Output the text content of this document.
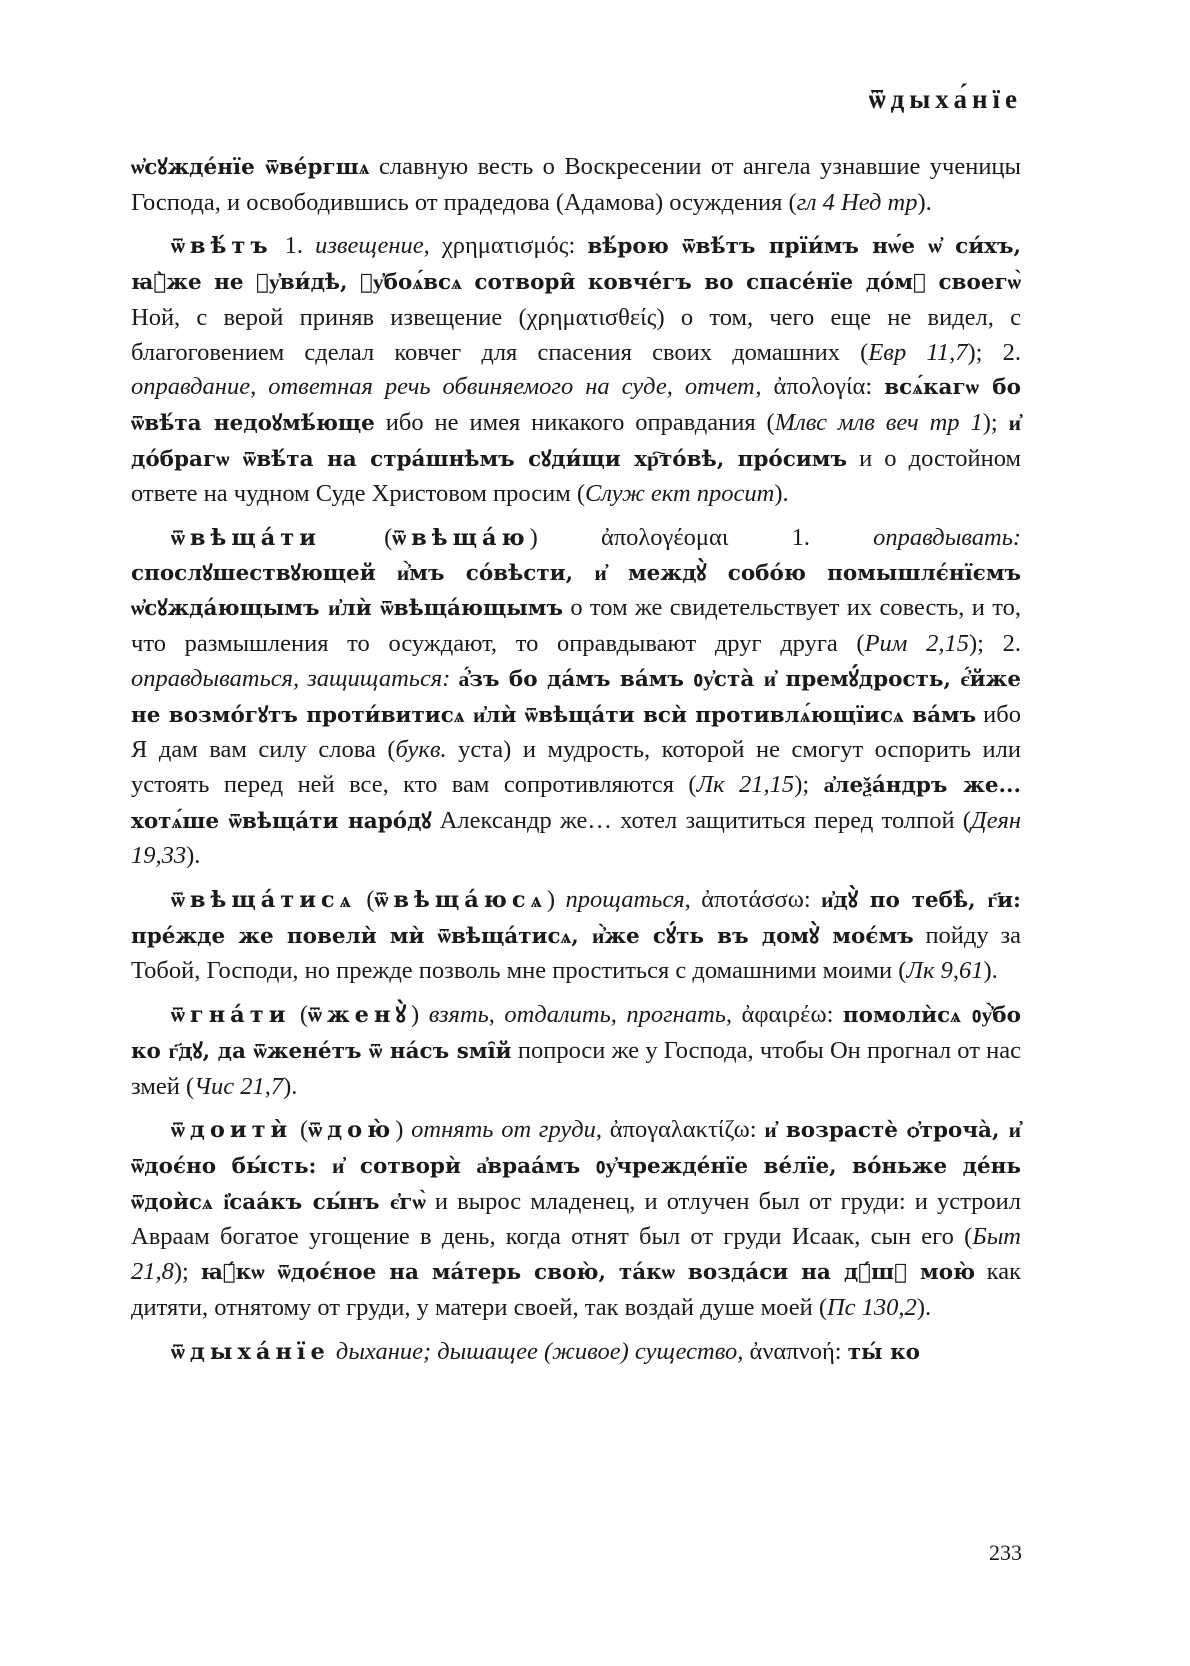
ѿдыха́нїе

ѡ҆сꙋжде́нїе ѿве́ргшѧ славную весть о Воскресении от ангела узнавшие ученицы Господа, и освободившись от прадедова (Адамова) осуждения (гл 4 Нед тр).

ѿвѣ́тъ 1. извещение, χρηματισμός: вѣ́рою ѿвѣ́тъ прїи́мъ нѡ́е ѡ҆ си́хъ, ꙗ҆̀же не ᲂу҆ви́дѣ, ᲂу҆боѧ́всѧ сотвори̑ ковче́гъ во спасе́нїе до́мꙋ своегѡ̀ Ной, с верой приняв извещение (χρηματισθείς) о том, чего еще не видел, с благоговением сделал ковчег для спасения своих домашних (Евр 11,7); 2. оправдание, ответная речь обвиняемого на суде, отчет, ἀπολογία: всѧ́кагѡ бо ѿвѣ́та недоꙋмѣ́юще ибо не имея никакого оправдания (Млвс млв веч тр 1); и҆ до́брагѡ ѿвѣ́та на стра́шнѣмъ сꙋди́щи хр҇то́вѣ, про́симъ и о достойном ответе на чудном Суде Христовом просим (Служ ект просит).

ѿвѣща́ти (ѿвѣща́ю) ἀπολογέομαι 1. оправдывать: спослꙋшествꙋющей и҆̀мъ со́вѣсти, и҆ междꙋ̀ собо́ю помышлє́нїємъ ѡ҆сꙋжда́ющымъ и҆лѝ ѿвѣща́ющымъ о том же свидетельствует их совесть, и то, что размышления то осуждают, то оправдывают друг друга (Рим 2,15); 2. оправдываться, защищаться: а҆́зъ бо да́мъ ва́мъ ᲂу҆ста̀ и҆ премꙋ́дрость, є҆́йже не возмо́гꙋтъ проти́витисѧ и҆лѝ ѿвѣща́ти всѝ противлѧ́ющїисѧ ва́мъ ибо Я дам вам силу слова (букв. уста) и мудрость, которой не смогут оспорить или устоять перед ней все, кто вам сопротивляются (Лк 21,15); а҆леѯа́ндръ же... хотѧ́ше ѿвѣща́ти наро́дꙋ Александр же… хотел защититься перед толпой (Деян 19,33).

ѿвѣща́тисѧ (ѿвѣща́юсѧ) прощаться, ἀποτάσσω: и҆дꙋ̀ по тебѣ̀, г҃и: пре́жде же повелѝ мѝ ѿвѣща́тисѧ, и҆̀же сꙋ́ть въ домꙋ̀ моє́мъ пойду за Тобой, Господи, но прежде позволь мне проститься с домашними моими (Лк 9,61).

ѿгна́ти (ѿженꙋ̀) взять, отдалить, прогнать, ἀφαιρέω: помолѝсѧ ᲂу҆̀бо ко г҃дꙋ, да ѿжене́тъ ѿ на́съ ѕмі̑й попроси же у Господа, чтобы Он прогнал от нас змей (Чис 21,7).

ѿдоитѝ (ѿдою̀) отнять от груди, ἀπογαλακτίζω: и҆ возрастѐ ѻ҆троча̀, и҆ ѿдоє́но бы́сть: и҆ сотворѝ а҆враа́мъ ᲂу҆чрежде́нїе ве́лїе, во́ньже де́нь ѿдоѝсѧ і҆саа́къ сы́нъ є҆гѡ̀ и вырос младенец, и отлучен был от груди: и устроил Авраам богатое угощение в день, когда отнят был от груди Исаак, сын его (Быт 21,8); ꙗ҆́кѡ ѿдоє́ное на ма́терь свою̀, та́кѡ возда́си на дꙋ́шꙋ мою̀ как дитяти, отнятому от груди, у матери своей, так воздай душе моей (Пс 130,2).

ѿдыха́нїе дыхание; дышащее (живое) существо, ἀναπνοή: ты́ ко

233
